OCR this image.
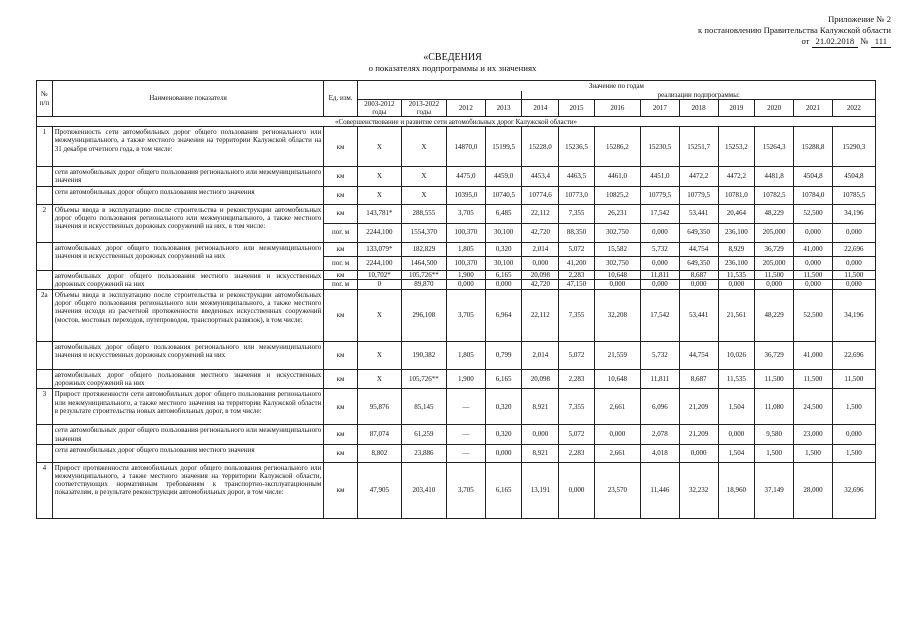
Приложение № 2
к постановлению Правительства Калужской области
от 21.02.2018 № 111
«СВЕДЕНИЯ
о показателях подпрограммы и их значениях
№ п/п	Наименование показателя	Ед. изм.	Значение по годам												
							реализации подпрограммы:								
			2003-2012 годы	2013-2022 годы	2012	2013	2014	2015	2016	2017	2018	2019	2020	2021	2022
«Совершенствование и развитие сети автомобильных дорог Калужской области»															
1	Протяженность сети автомобильных дорог общего пользования регионального или межмуниципального, а также местного значения на территории Калужской области на 31 декабря отчетного года, в том числе:	км	Х	Х	14870,0	15199,5	15228,0	15236,5	15286,2	15230,5	15251,7	15253,2	15264,3	15288,8	15290,3
	сети автомобильных дорог общего пользования регионального или межмуниципального значения	км	Х	Х	4475,0	4459,0	4453,4	4463,5	4461,0	4451,0	4472,2	4472,2	4481,8	4504,8	4504,8
	сети автомобильных дорог общего пользования местного значения	км	Х	Х	10395,0	10740,5	10774,6	10773,0	10825,2	10779,5	10779,5	10781,0	10782,5	10784,0	10785,5
2	Объемы ввода в эксплуатацию после строительства и реконструкции автомобильных дорог общего пользования регионального или межмуниципального, а также местного значения и искусственных дорожных сооружений на них, в том числе:	км	143,781*	288,555	3,705	6,485	22,112	7,355	26,231	17,542	53,441	20,464	48,229	52,500	34,196
		пог. м	2244,100	1554,370	100,370	30,100	42,720	88,350	302,750	0,000	649,350	236,100	205,000	0,000	0,000
	автомобильных дорог общего пользования регионального или межмуниципального значения и искусственных дорожных сооружений на них	км	133,079*	182,829	1,805	0,320	2,014	5,072	15,582	5,732	44,754	8,929	36,729	41,000	22,696
		пог. м	2244,100	1464,500	100,370	30,100	0,000	41,200	302,750	0,000	649,350	236,100	205,000	0,000	0,000
	автомобильных дорог общего пользования местного значения и искусственных дорожных сооружений на них	км	10,702*	105,726**	1,900	6,165	20,098	2,283	10,648	11,811	8,687	11,535	11,500	11,500	11,500
		пог. м	0	89,870	0,000	0,000	42,720	47,150	0,000	0,000	0,000	0,000	0,000	0,000	0,000
2а	Объемы ввода в эксплуатацию после строительства и реконструкции автомобильных дорог общего пользования регионального или межмуниципального, а также местного значения исходя из расчетной протяженности введенных искусственных сооружений (мостов, мостовых переходов, путепроводов, транспортных развязок), в том числе:	км	Х	296,108	3,705	6,964	22,112	7,355	32,208	17,542	53,441	21,561	48,229	52,500	34,196
	автомобильных дорог общего пользования регионального или межмуниципального значения и искусственных дорожных сооружений на них	км	Х	190,382	1,805	0,799	2,014	5,072	21,559	5,732	44,754	10,026	36,729	41,000	22,696
	автомобильных дорог общего пользования местного значения и искусственных дорожных сооружений на них	км	Х	105,726**	1,900	6,165	20,098	2,283	10,648	11,811	8,687	11,535	11,500	11,500	11,500
3	Прирост протяженности сети автомобильных дорог общего пользования регионального или межмуниципального, а также местного значения на территории Калужской области в результате строительства новых автомобильных дорог, в том числе:	км	95,876	85,145	—	0,320	8,921	7,355	2,661	6,096	21,209	1,504	11,080	24,500	1,500
	сети автомобильных дорог общего пользования регионального или межмуниципального значения	км	87,074	61,259	—	0,320	0,000	5,072	0,000	2,078	21,209	0,000	9,580	23,000	0,000
	сети автомобильных дорог общего пользования местного значения	км	8,802	23,886	—	0,000	8,921	2,283	2,661	4,018	0,000	1,504	1,500	1,500	1,500
4	Прирост протяженности автомобильных дорог общего пользования регионального или межмуниципального, а также местного значения на территории Калужской области, соответствующих нормативным требованиям к транспортно-эксплуатационным показателям, в результате реконструкции автомобильных дорог, в том числе:	км	47,905	203,410	3,705	6,165	13,191	0,000	23,570	11,446	32,232	18,960	37,149	28,000	32,696
